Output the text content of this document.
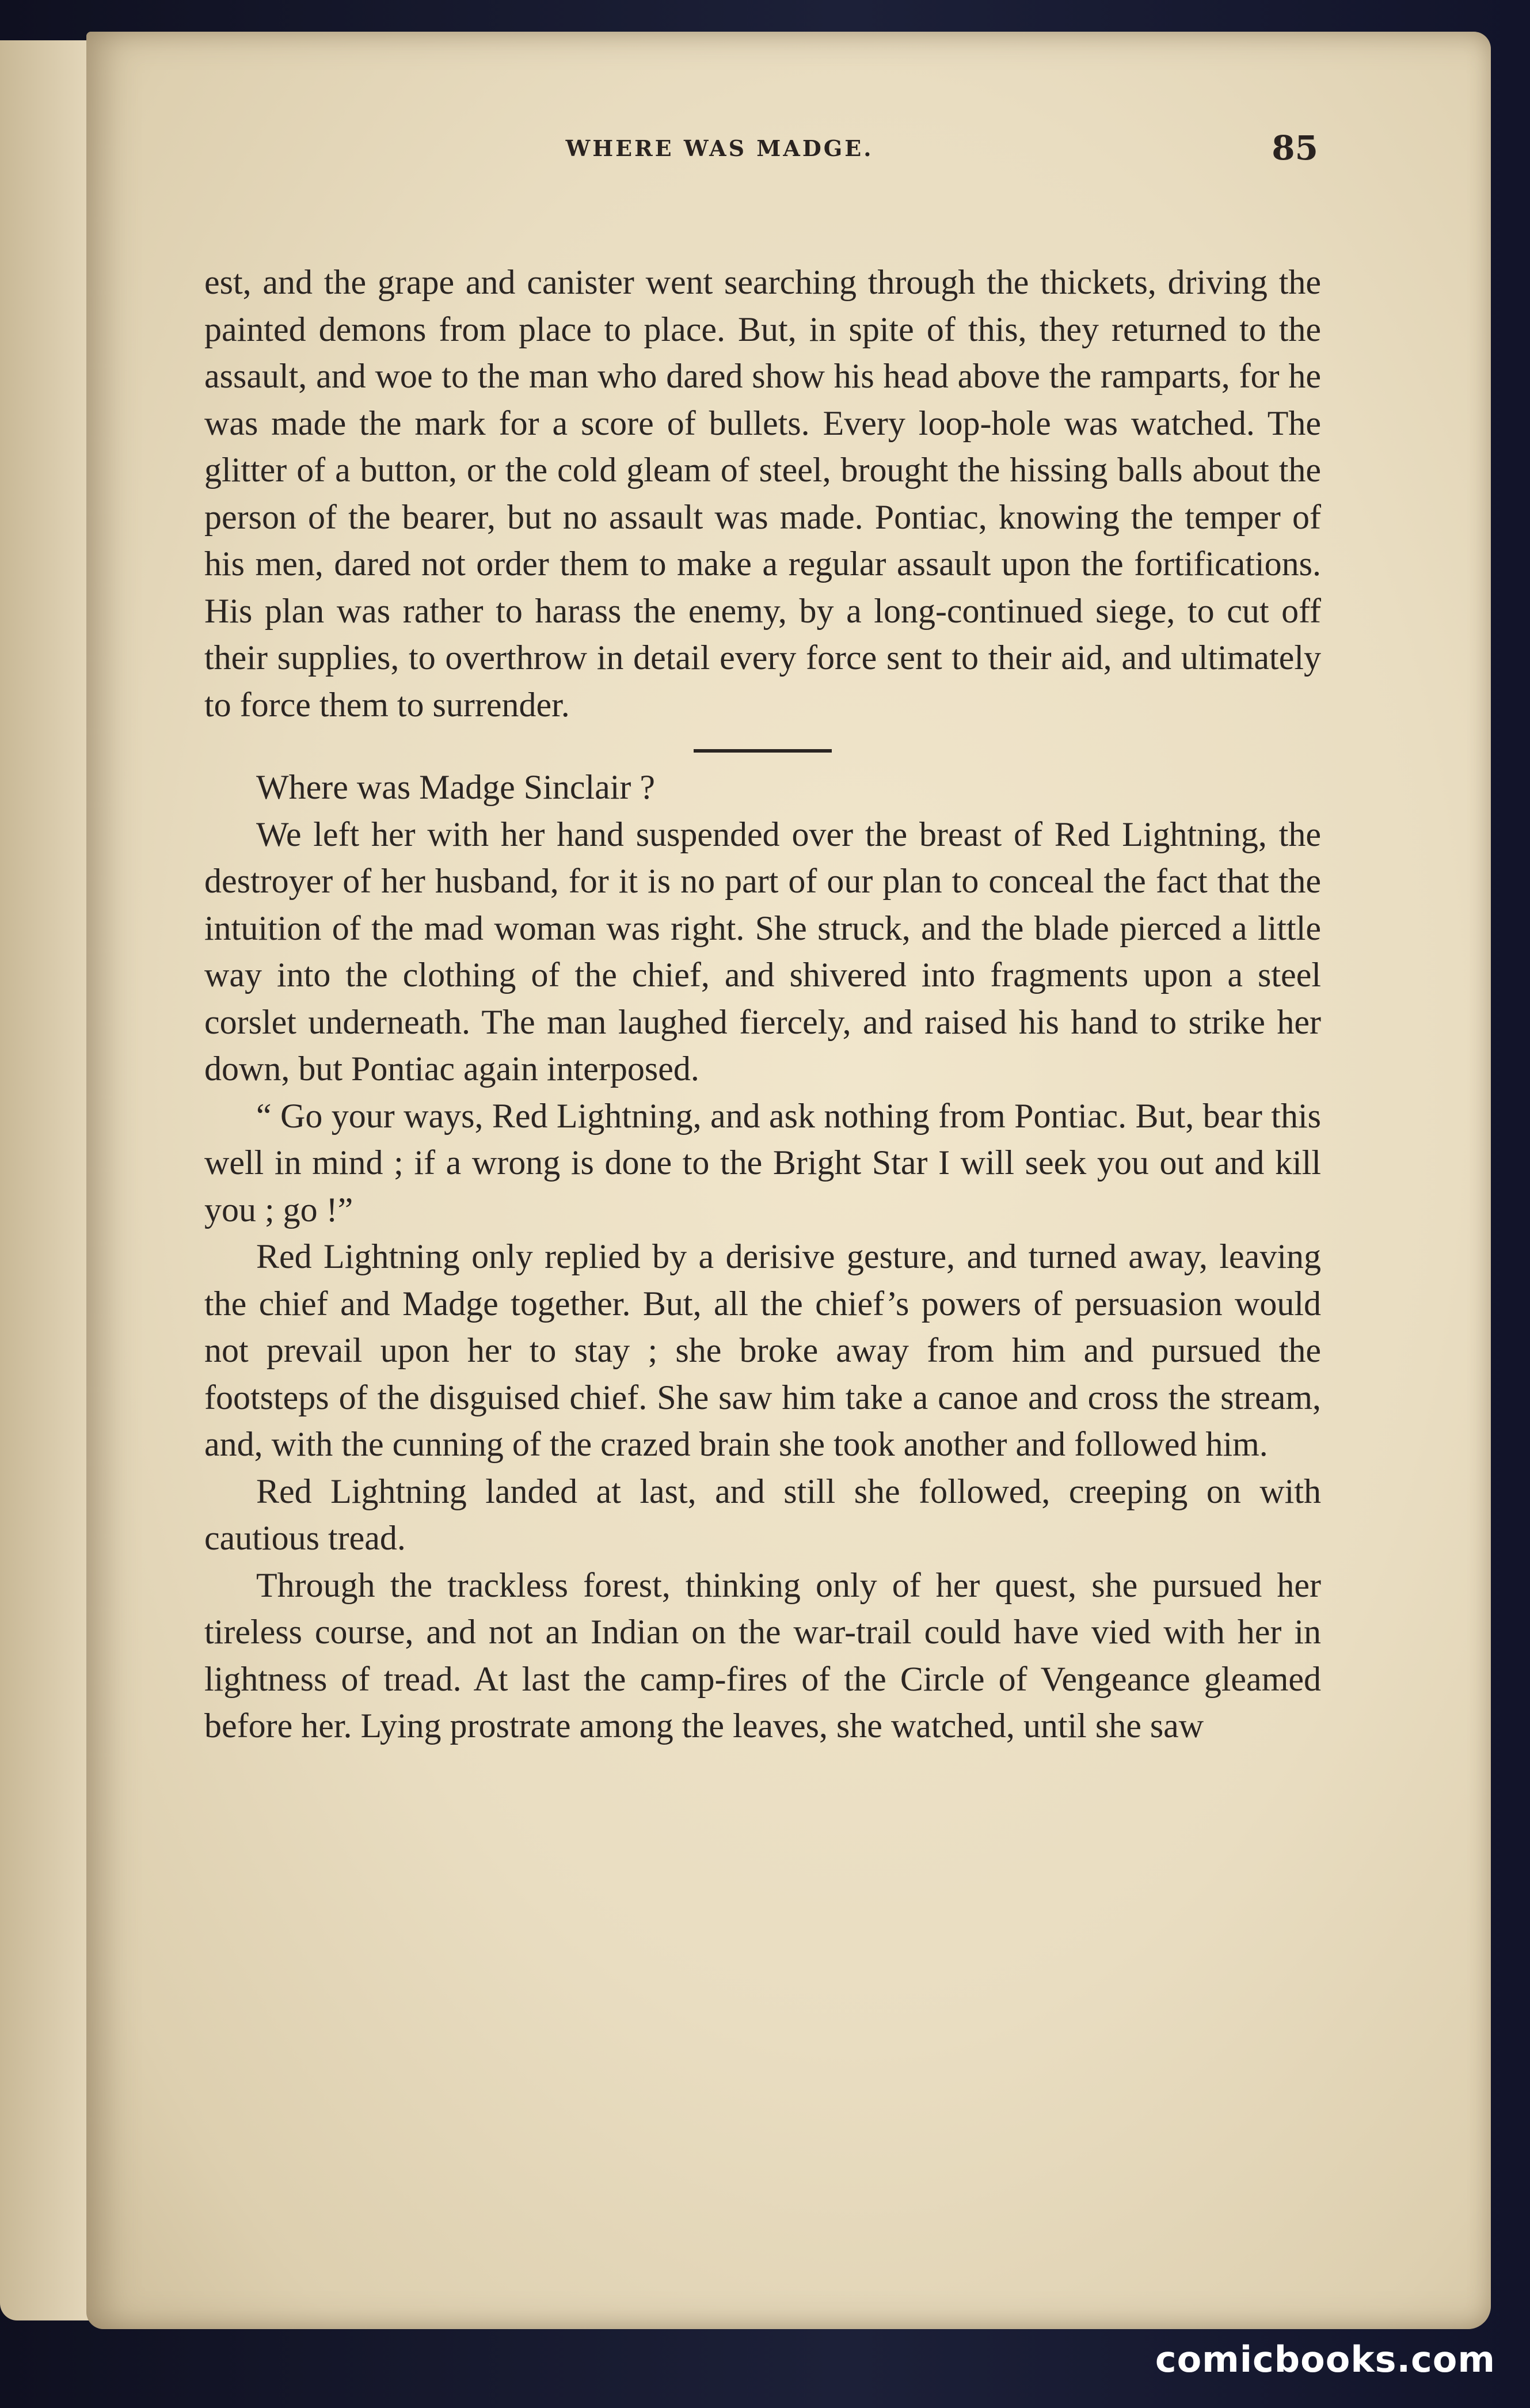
WHERE WAS MADGE.	85

est, and the grape and canister went searching through the thickets, driving the painted demons from place to place. But, in spite of this, they returned to the assault, and woe to the man who dared show his head above the ramparts, for he was made the mark for a score of bullets. Every loop-hole was watched. The glitter of a button, or the cold gleam of steel, brought the hissing balls about the person of the bearer, but no assault was made. Pontiac, knowing the temper of his men, dared not order them to make a regular assault upon the fortifications. His plan was rather to harass the enemy, by a long-continued siege, to cut off their supplies, to overthrow in detail every force sent to their aid, and ultimately to force them to surrender.

Where was Madge Sinclair ?

We left her with her hand suspended over the breast of Red Lightning, the destroyer of her husband, for it is no part of our plan to conceal the fact that the intuition of the mad woman was right. She struck, and the blade pierced a little way into the clothing of the chief, and shivered into fragments upon a steel corslet underneath. The man laughed fiercely, and raised his hand to strike her down, but Pontiac again interposed.

“ Go your ways, Red Lightning, and ask nothing from Pontiac. But, bear this well in mind ; if a wrong is done to the Bright Star I will seek you out and kill you ; go !”

Red Lightning only replied by a derisive gesture, and turned away, leaving the chief and Madge together. But, all the chief’s powers of persuasion would not prevail upon her to stay ; she broke away from him and pursued the footsteps of the disguised chief. She saw him take a canoe and cross the stream, and, with the cunning of the crazed brain she took another and followed him.

Red Lightning landed at last, and still she followed, creeping on with cautious tread.

Through the trackless forest, thinking only of her quest, she pursued her tireless course, and not an Indian on the war-trail could have vied with her in lightness of tread. At last the camp-fires of the Circle of Vengeance gleamed before her. Lying prostrate among the leaves, she watched, until she saw

comicbooks.com
